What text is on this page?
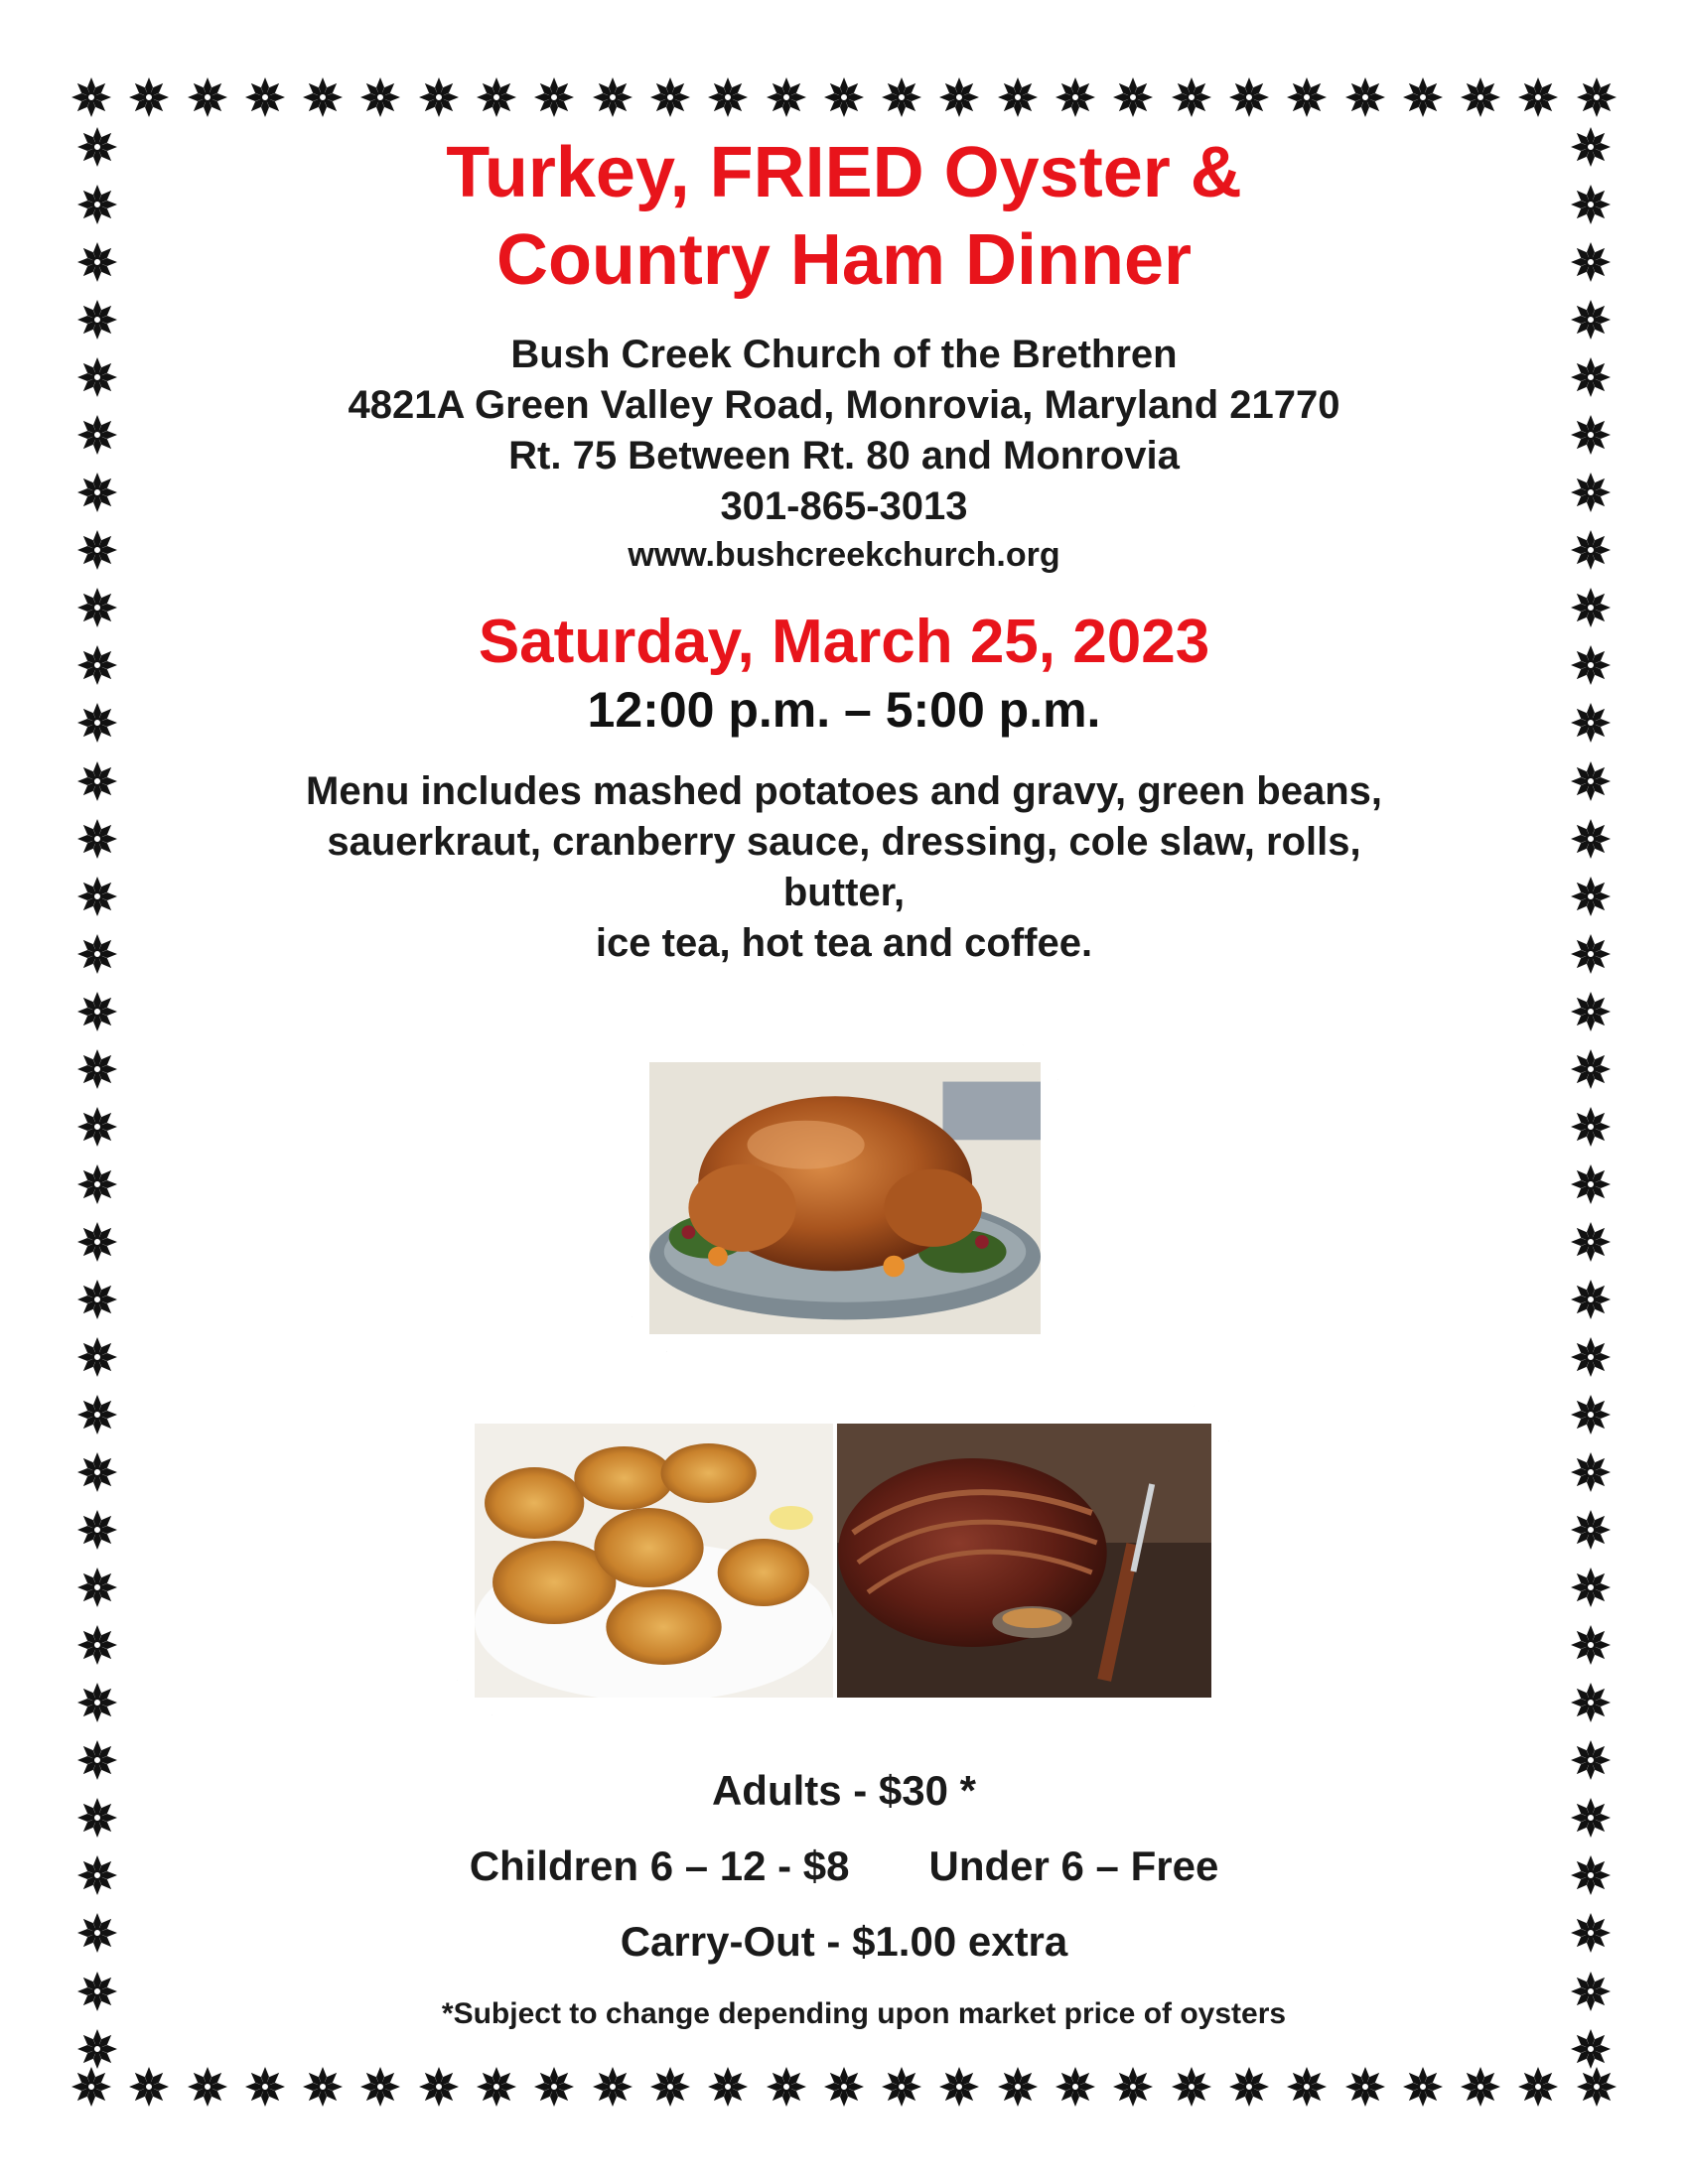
Turkey, FRIED Oyster &
Country Ham Dinner

Bush Creek Church of the Brethren

4821A Green Valley Road, Monrovia, Maryland 21770

Rt. 75 Between Rt. 80 and Monrovia

301-865-3013

www.bushcreekchurch.org

Saturday, March 25, 2023

12:00 p.m. – 5:00 p.m.

Menu includes mashed potatoes and gravy, green beans,

sauerkraut, cranberry sauce, dressing, cole slaw, rolls,

butter,

ice tea, hot tea and coffee.

Adults - $30 *
Children 6 – 12 - $8 Under 6 – Free
Carry-Out - $1.00 extra
*Subject to change depending upon market price of oysters
